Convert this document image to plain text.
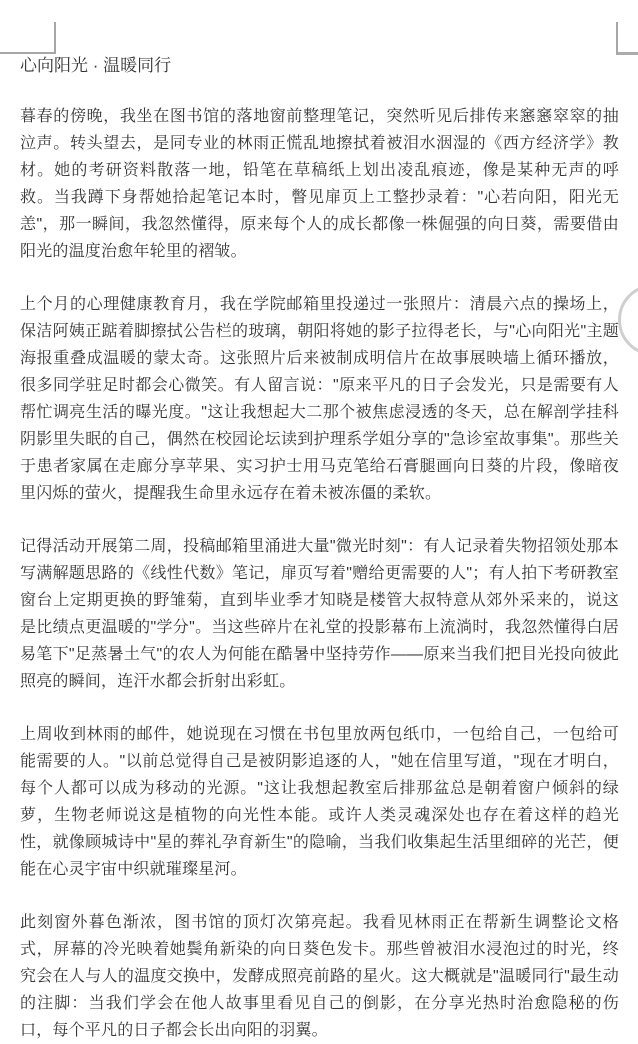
心向阳光 · 温暖同行

暮春的傍晚，我坐在图书馆的落地窗前整理笔记，突然听见后排传来窸窸窣窣的抽泣声。转头望去，是同专业的林雨正慌乱地擦拭着被泪水洇湿的《西方经济学》教材。她的考研资料散落一地，铅笔在草稿纸上划出凌乱痕迹，像是某种无声的呼救。当我蹲下身帮她拾起笔记本时，瞥见扉页上工整抄录着："心若向阳，阳光无恙"，那一瞬间，我忽然懂得，原来每个人的成长都像一株倔强的向日葵，需要借由阳光的温度治愈年轮里的褶皱。

上个月的心理健康教育月，我在学院邮箱里投递过一张照片：清晨六点的操场上，保洁阿姨正踮着脚擦拭公告栏的玻璃，朝阳将她的影子拉得老长，与"心向阳光"主题海报重叠成温暖的蒙太奇。这张照片后来被制成明信片在故事展映墙上循环播放，很多同学驻足时都会心微笑。有人留言说："原来平凡的日子会发光，只是需要有人帮忙调亮生活的曝光度。"这让我想起大二那个被焦虑浸透的冬天，总在解剖学挂科阴影里失眠的自己，偶然在校园论坛读到护理系学姐分享的"急诊室故事集"。那些关于患者家属在走廊分享苹果、实习护士用马克笔给石膏腿画向日葵的片段，像暗夜里闪烁的萤火，提醒我生命里永远存在着未被冻僵的柔软。

记得活动开展第二周，投稿邮箱里涌进大量"微光时刻"：有人记录着失物招领处那本写满解题思路的《线性代数》笔记，扉页写着"赠给更需要的人"；有人拍下考研教室窗台上定期更换的野雏菊，直到毕业季才知晓是楼管大叔特意从郊外采来的，说这是比绩点更温暖的"学分"。当这些碎片在礼堂的投影幕布上流淌时，我忽然懂得白居易笔下"足蒸暑土气"的农人为何能在酷暑中坚持劳作——原来当我们把目光投向彼此照亮的瞬间，连汗水都会折射出彩虹。

上周收到林雨的邮件，她说现在习惯在书包里放两包纸巾，一包给自己，一包给可能需要的人。"以前总觉得自己是被阴影追逐的人，"她在信里写道，"现在才明白，每个人都可以成为移动的光源。"这让我想起教室后排那盆总是朝着窗户倾斜的绿萝，生物老师说这是植物的向光性本能。或许人类灵魂深处也存在着这样的趋光性，就像顾城诗中"星的葬礼孕育新生"的隐喻，当我们收集起生活里细碎的光芒，便能在心灵宇宙中织就璀璨星河。

此刻窗外暮色渐浓，图书馆的顶灯次第亮起。我看见林雨正在帮新生调整论文格式，屏幕的冷光映着她鬓角新染的向日葵色发卡。那些曾被泪水浸泡过的时光，终究会在人与人的温度交换中，发酵成照亮前路的星火。这大概就是"温暖同行"最生动的注脚：当我们学会在他人故事里看见自己的倒影，在分享光热时治愈隐秘的伤口，每个平凡的日子都会长出向阳的羽翼。
